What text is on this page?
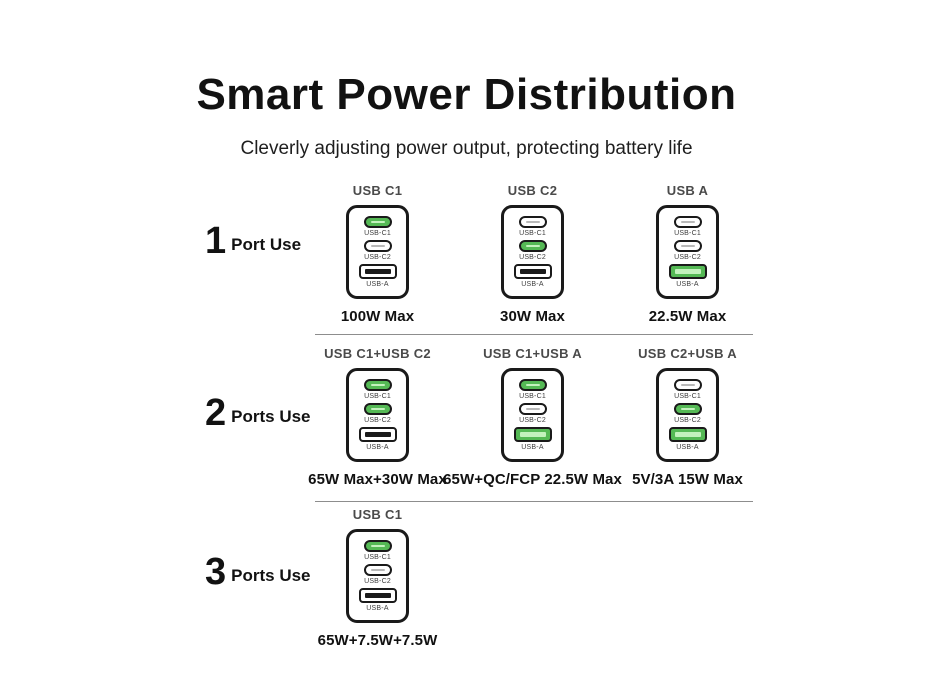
Smart Power Distribution

Cleverly adjusting power output, protecting battery life

1 Port Use
USB C1
USB-C1
USB-C2
USB-A
100W Max
USB C2
USB-C1
USB-C2
USB-A
30W Max
USB A
USB-C1
USB-C2
USB-A
22.5W Max
2 Ports Use
USB C1+USB C2
USB-C1
USB-C2
USB-A
65W Max+30W Max
USB C1+USB A
USB-C1
USB-C2
USB-A
65W+QC/FCP 22.5W Max
USB C2+USB A
USB-C1
USB-C2
USB-A
5V/3A 15W Max
3 Ports Use
USB C1
USB-C1
USB-C2
USB-A
65W+7.5W+7.5W
